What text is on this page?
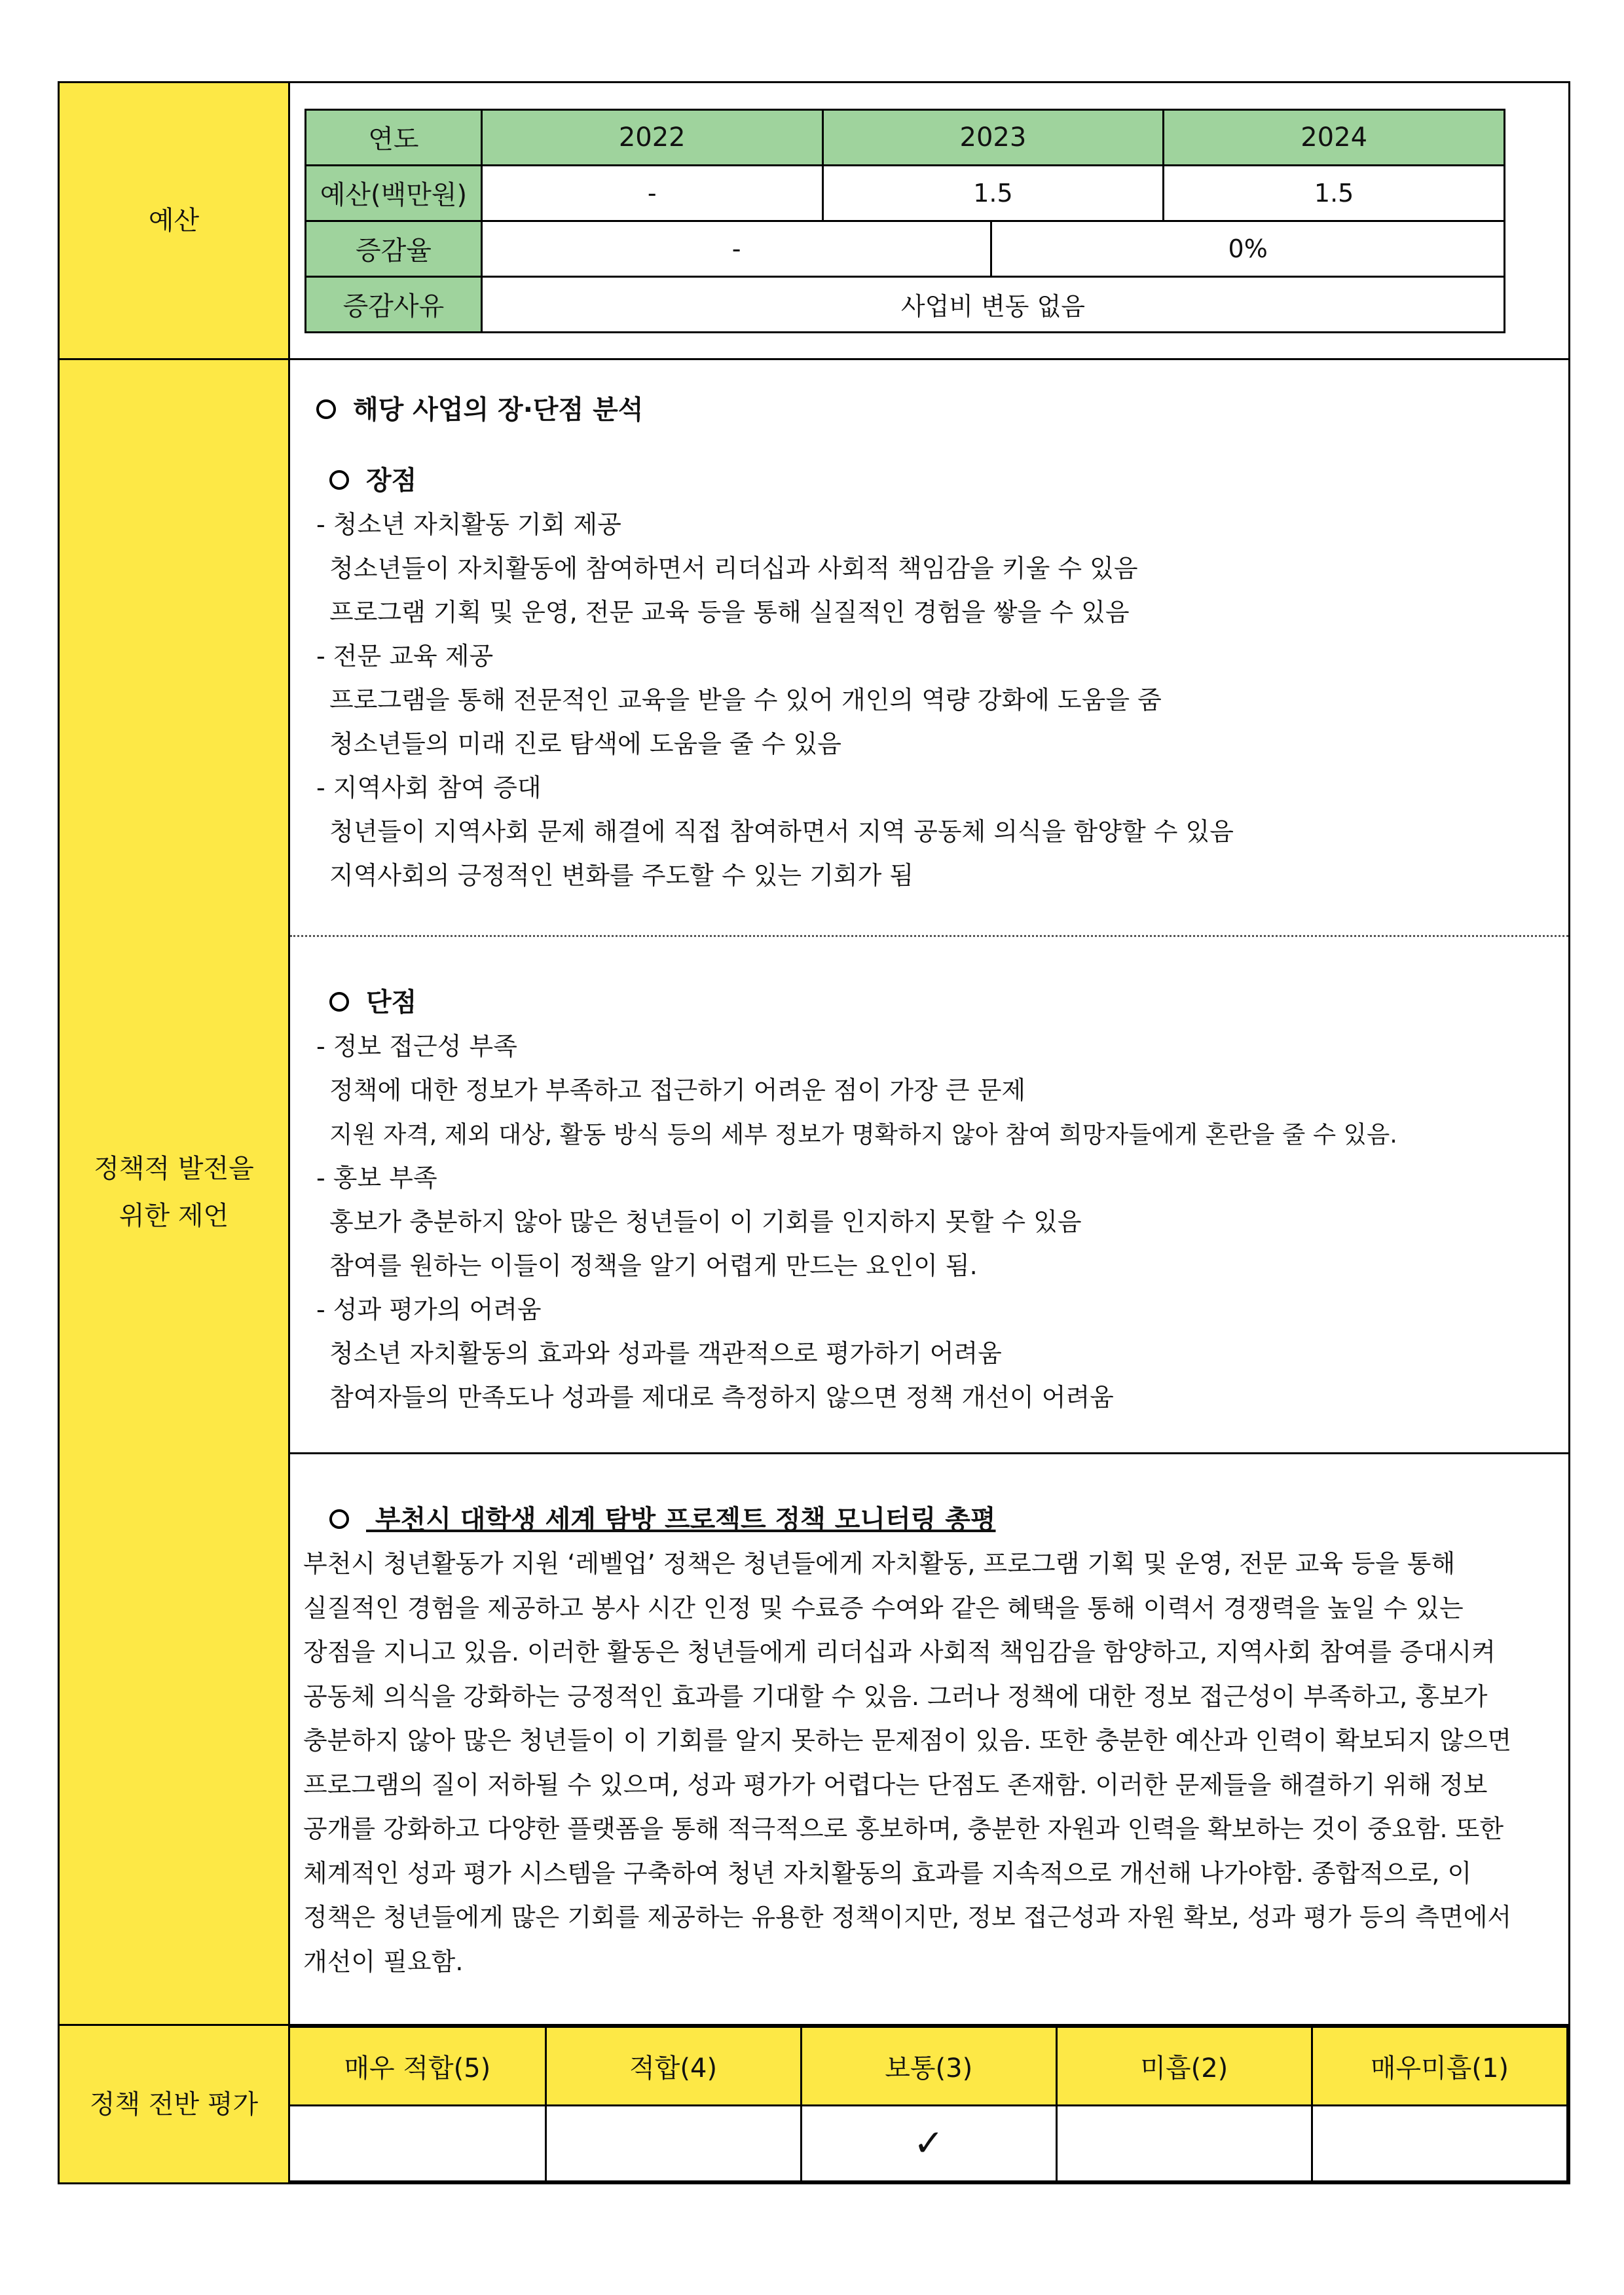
예산	
연도	2022	2023	2024
예산(백만원)	-	1.5	1.5
증감율	-	0%
증감사유	사업비 변동 없음

정책적 발전을
위한 제언

해당 사업의 장·단점 분석
장점
- 청소년 자치활동 기회 제공
청소년들이 자치활동에 참여하면서 리더십과 사회적 책임감을 키울 수 있음
프로그램 기획 및 운영, 전문 교육 등을 통해 실질적인 경험을 쌓을 수 있음
- 전문 교육 제공
프로그램을 통해 전문적인 교육을 받을 수 있어 개인의 역량 강화에 도움을 줌
청소년들의 미래 진로 탐색에 도움을 줄 수 있음
- 지역사회 참여 증대
청년들이 지역사회 문제 해결에 직접 참여하면서 지역 공동체 의식을 함양할 수 있음
지역사회의 긍정적인 변화를 주도할 수 있는 기회가 됨
단점
- 정보 접근성 부족
정책에 대한 정보가 부족하고 접근하기 어려운 점이 가장 큰 문제
지원 자격, 제외 대상, 활동 방식 등의 세부 정보가 명확하지 않아 참여 희망자들에게 혼란을 줄 수 있음.
- 홍보 부족
홍보가 충분하지 않아 많은 청년들이 이 기회를 인지하지 못할 수 있음
참여를 원하는 이들이 정책을 알기 어렵게 만드는 요인이 됨.
- 성과 평가의 어려움
청소년 자치활동의 효과와 성과를 객관적으로 평가하기 어려움
참여자들의 만족도나 성과를 제대로 측정하지 않으면 정책 개선이 어려움
부천시 대학생 세계 탐방 프로젝트 정책 모니터링 총평
부천시 청년활동가 지원 ‘레벨업’ 정책은 청년들에게 자치활동, 프로그램 기획 및 운영, 전문 교육 등을 통해 실질적인 경험을 제공하고 봉사 시간 인정 및 수료증 수여와 같은 혜택을 통해 이력서 경쟁력을 높일 수 있는 장점을 지니고 있음. 이러한 활동은 청년들에게 리더십과 사회적 책임감을 함양하고, 지역사회 참여를 증대시켜 공동체 의식을 강화하는 긍정적인 효과를 기대할 수 있음. 그러나 정책에 대한 정보 접근성이 부족하고, 홍보가 충분하지 않아 많은 청년들이 이 기회를 알지 못하는 문제점이 있음. 또한 충분한 예산과 인력이 확보되지 않으면 프로그램의 질이 저하될 수 있으며, 성과 평가가 어렵다는 단점도 존재함. 이러한 문제들을 해결하기 위해 정보 공개를 강화하고 다양한 플랫폼을 통해 적극적으로 홍보하며, 충분한 자원과 인력을 확보하는 것이 중요함. 또한 체계적인 성과 평가 시스템을 구축하여 청년 자치활동의 효과를 지속적으로 개선해 나가야함. 종합적으로, 이 정책은 청년들에게 많은 기회를 제공하는 유용한 정책이지만, 정보 접근성과 자원 확보, 성과 평가 등의 측면에서 개선이 필요함.

정책 전반 평가	
매우 적합(5)	적합(4)	보통(3)	미흡(2)	매우미흡(1)
		✓		
